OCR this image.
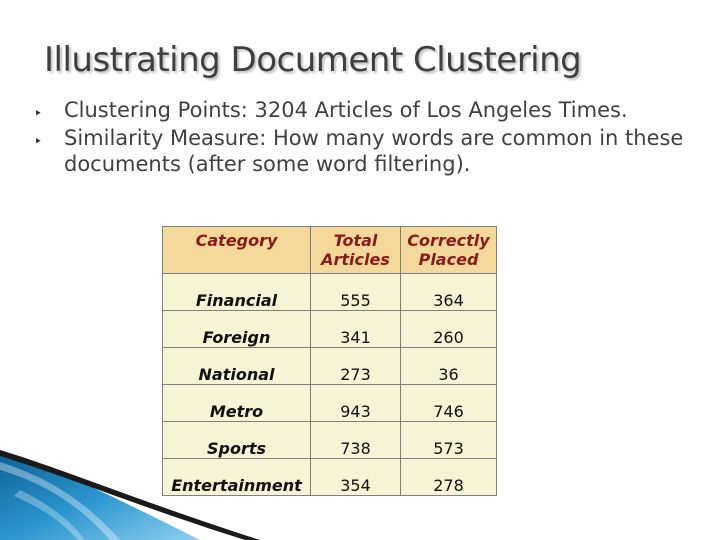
Illustrating Document Clustering
‣ Clustering Points: 3204 Articles of Los Angeles Times.
‣ Similarity Measure: How many words are common in these documents (after some word filtering).
Category	Total Articles	Correctly Placed
Financial	555	364
Foreign	341	260
National	273	36
Metro	943	746
Sports	738	573
Entertainment	354	278
